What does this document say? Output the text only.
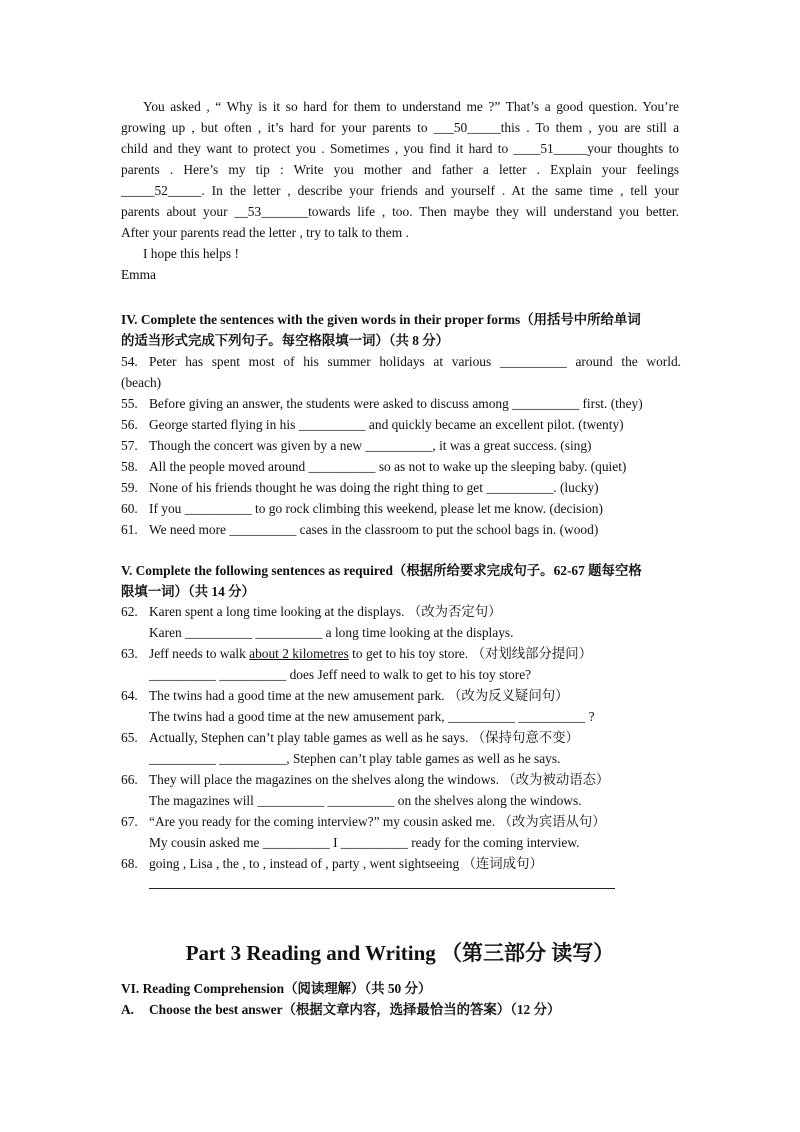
You asked , “ Why is it so hard for them to understand me ?” That’s a good question. You’re
growing up , but often , it’s hard for your parents to ___50_____this . To them , you are still a
child and they want to protect you . Sometimes , you find it hard to ____51_____your thoughts to
parents . Here’s my tip : Write you mother and father a letter . Explain your feelings
_____52_____. In the letter , describe your friends and yourself . At the same time , tell your
parents about your __53_______towards life , too. Then maybe they will understand you better.
After your parents read the letter , try to talk to them .
I hope this helps !
Emma
IV. Complete the sentences with the given words in their proper forms（用括号中所给单词
的适当形式完成下列句子。每空格限填一词）（共 8 分）
54. Peter has spent most of his summer holidays at various __________ around the world.
(beach)
55. Before giving an answer, the students were asked to discuss among __________ first. (they)
56. George started flying in his __________ and quickly became an excellent pilot. (twenty)
57. Though the concert was given by a new __________, it was a great success. (sing)
58. All the people moved around __________ so as not to wake up the sleeping baby. (quiet)
59. None of his friends thought he was doing the right thing to get __________. (lucky)
60. If you __________ to go rock climbing this weekend, please let me know. (decision)
61. We need more __________ cases in the classroom to put the school bags in. (wood)
V. Complete the following sentences as required（根据所给要求完成句子。62-67 题每空格
限填一词）（共 14 分）
62. Karen spent a long time looking at the displays. （改为否定句）
Karen __________ __________ a long time looking at the displays.
63. Jeff needs to walk about 2 kilometres to get to his toy store. （对划线部分提问）
__________ __________ does Jeff need to walk to get to his toy store?
64. The twins had a good time at the new amusement park. （改为反义疑问句）
The twins had a good time at the new amusement park, __________ __________ ?
65. Actually, Stephen can’t play table games as well as he says. （保持句意不变）
__________ __________, Stephen can’t play table games as well as he says.
66. They will place the magazines on the shelves along the windows. （改为被动语态）
The magazines will __________ __________ on the shelves along the windows.
67. “Are you ready for the coming interview?” my cousin asked me. （改为宾语从句）
My cousin asked me __________ I __________ ready for the coming interview.
68. going , Lisa , the , to , instead of , party , went sightseeing （连词成句）
Part 3 Reading and Writing （第三部分 读写）
VI. Reading Comprehension（阅读理解）（共 50 分）
A. Choose the best answer（根据文章内容，选择最恰当的答案）（12 分）
